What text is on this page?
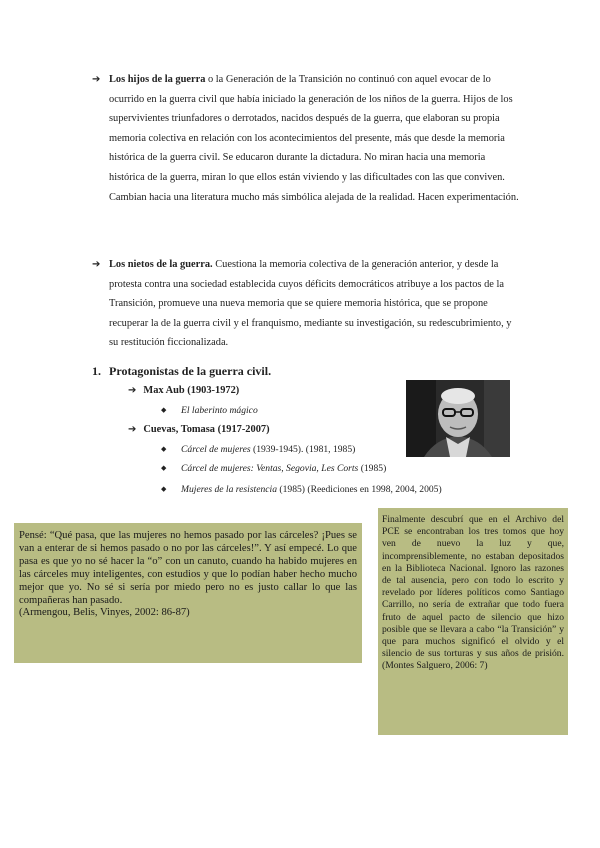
➔ Los hijos de la guerra o la Generación de la Transición no continuó con aquel evocar de lo ocurrido en la guerra civil que había iniciado la generación de los niños de la guerra. Hijos de los supervivientes triunfadores o derrotados, nacidos después de la guerra, que elaboran su propia memoria colectiva en relación con los acontecimientos del presente, más que desde la memoria histórica de la guerra civil. Se educaron durante la dictadura. No miran hacia una memoria histórica de la guerra, miran lo que ellos están viviendo y las dificultades con las que conviven. Cambian hacia una literatura mucho más simbólica alejada de la realidad. Hacen experimentación.
➔ Los nietos de la guerra. Cuestiona la memoria colectiva de la generación anterior, y desde la protesta contra una sociedad establecida cuyos déficits democráticos atribuye a los pactos de la Transición, promueve una nueva memoria que se quiere memoria histórica, que se propone recuperar la de la guerra civil y el franquismo, mediante su investigación, su redescubrimiento, y su restitución ficcionalizada.
1. Protagonistas de la guerra civil.
➔ Max Aub (1903-1972)
◆ El laberinto mágico
➔ Cuevas, Tomasa (1917-2007)
◆ Cárcel de mujeres (1939-1945). (1981, 1985)
◆ Cárcel de mujeres: Ventas, Segovia, Les Corts (1985)
◆ Mujeres de la resistencia (1985) (Reediciones en 1998, 2004, 2005)
Pensé: “Qué pasa, que las mujeres no hemos pasado por las cárceles? ¡Pues se van a enterar de si hemos pasado o no por las cárceles!”. Y así empecé. Lo que pasa es que yo no sé hacer la “o” con un canuto, cuando ha habido mujeres en las cárceles muy inteligentes, con estudios y que lo podían haber hecho mucho mejor que yo. No sé si sería por miedo pero no es justo callar lo que las compañeras han pasado.
(Armengou, Belis, Vinyes, 2002: 86-87)
Finalmente descubrí que en el Archivo del PCE se encontraban los tres tomos que hoy ven de nuevo la luz y que, incomprensiblemente, no estaban depositados en la Biblioteca Nacional. Ignoro las razones de tal ausencia, pero con todo lo escrito y revelado por líderes políticos como Santiago Carrillo, no sería de extrañar que todo fuera fruto de aquel pacto de silencio que hizo posible que se llevara a cabo “la Transición” y que para muchos significó el olvido y el silencio de sus torturas y sus años de prisión. (Montes Salguero, 2006: 7)
